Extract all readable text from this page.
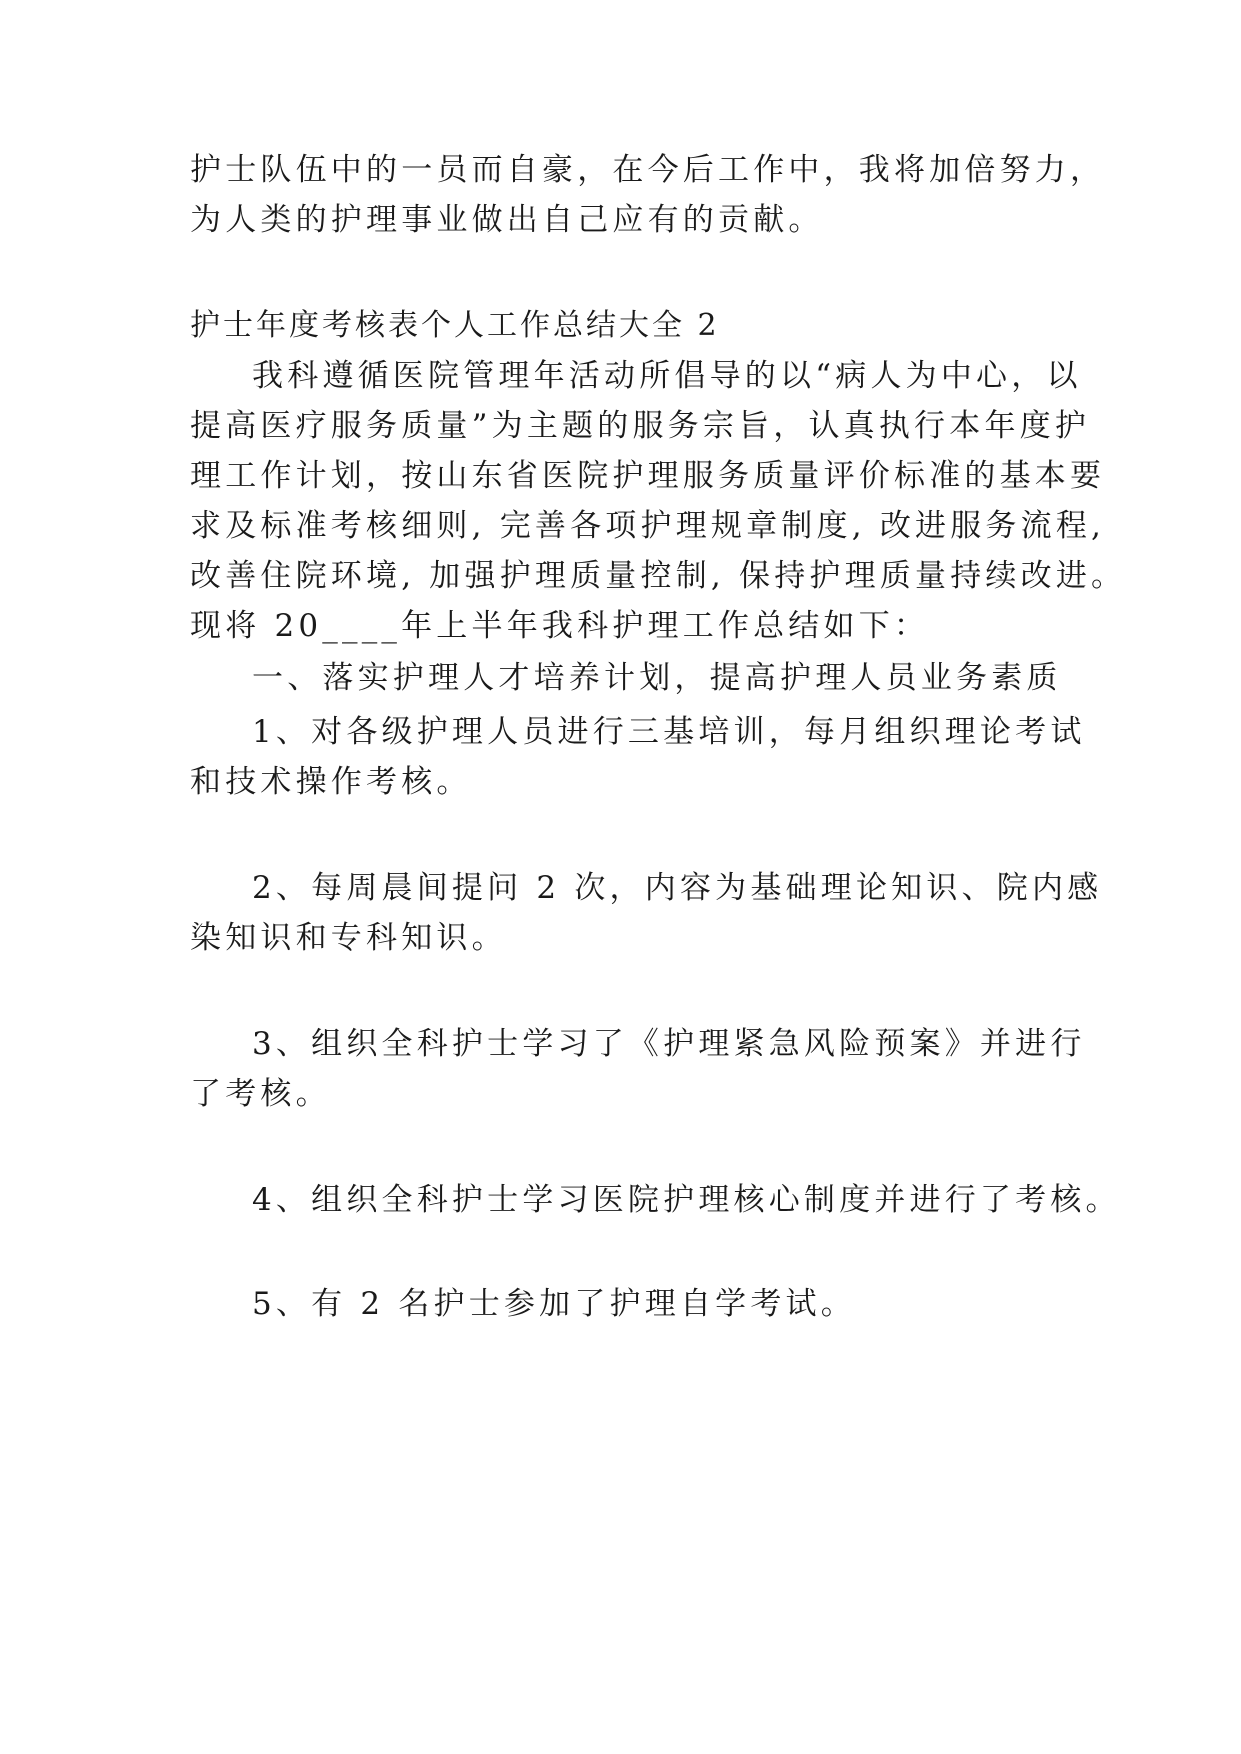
护士队伍中的一员而自豪，在今后工作中，我将加倍努力，
为人类的护理事业做出自己应有的贡献。
护士年度考核表个人工作总结大全 2
我科遵循医院管理年活动所倡导的以“病人为中心，以
提高医疗服务质量”为主题的服务宗旨，认真执行本年度护
理工作计划，按山东省医院护理服务质量评价标准的基本要
求及标准考核细则, 完善各项护理规章制度, 改进服务流程,
改善住院环境, 加强护理质量控制, 保持护理质量持续改进。
现将 20____年上半年我科护理工作总结如下：
一、落实护理人才培养计划，提高护理人员业务素质
1、对各级护理人员进行三基培训，每月组织理论考试
和技术操作考核。
2、每周晨间提问 2 次，内容为基础理论知识、院内感
染知识和专科知识。
3、组织全科护士学习了《护理紧急风险预案》并进行
了考核。
4、组织全科护士学习医院护理核心制度并进行了考核。
5、有 2 名护士参加了护理自学考试。
